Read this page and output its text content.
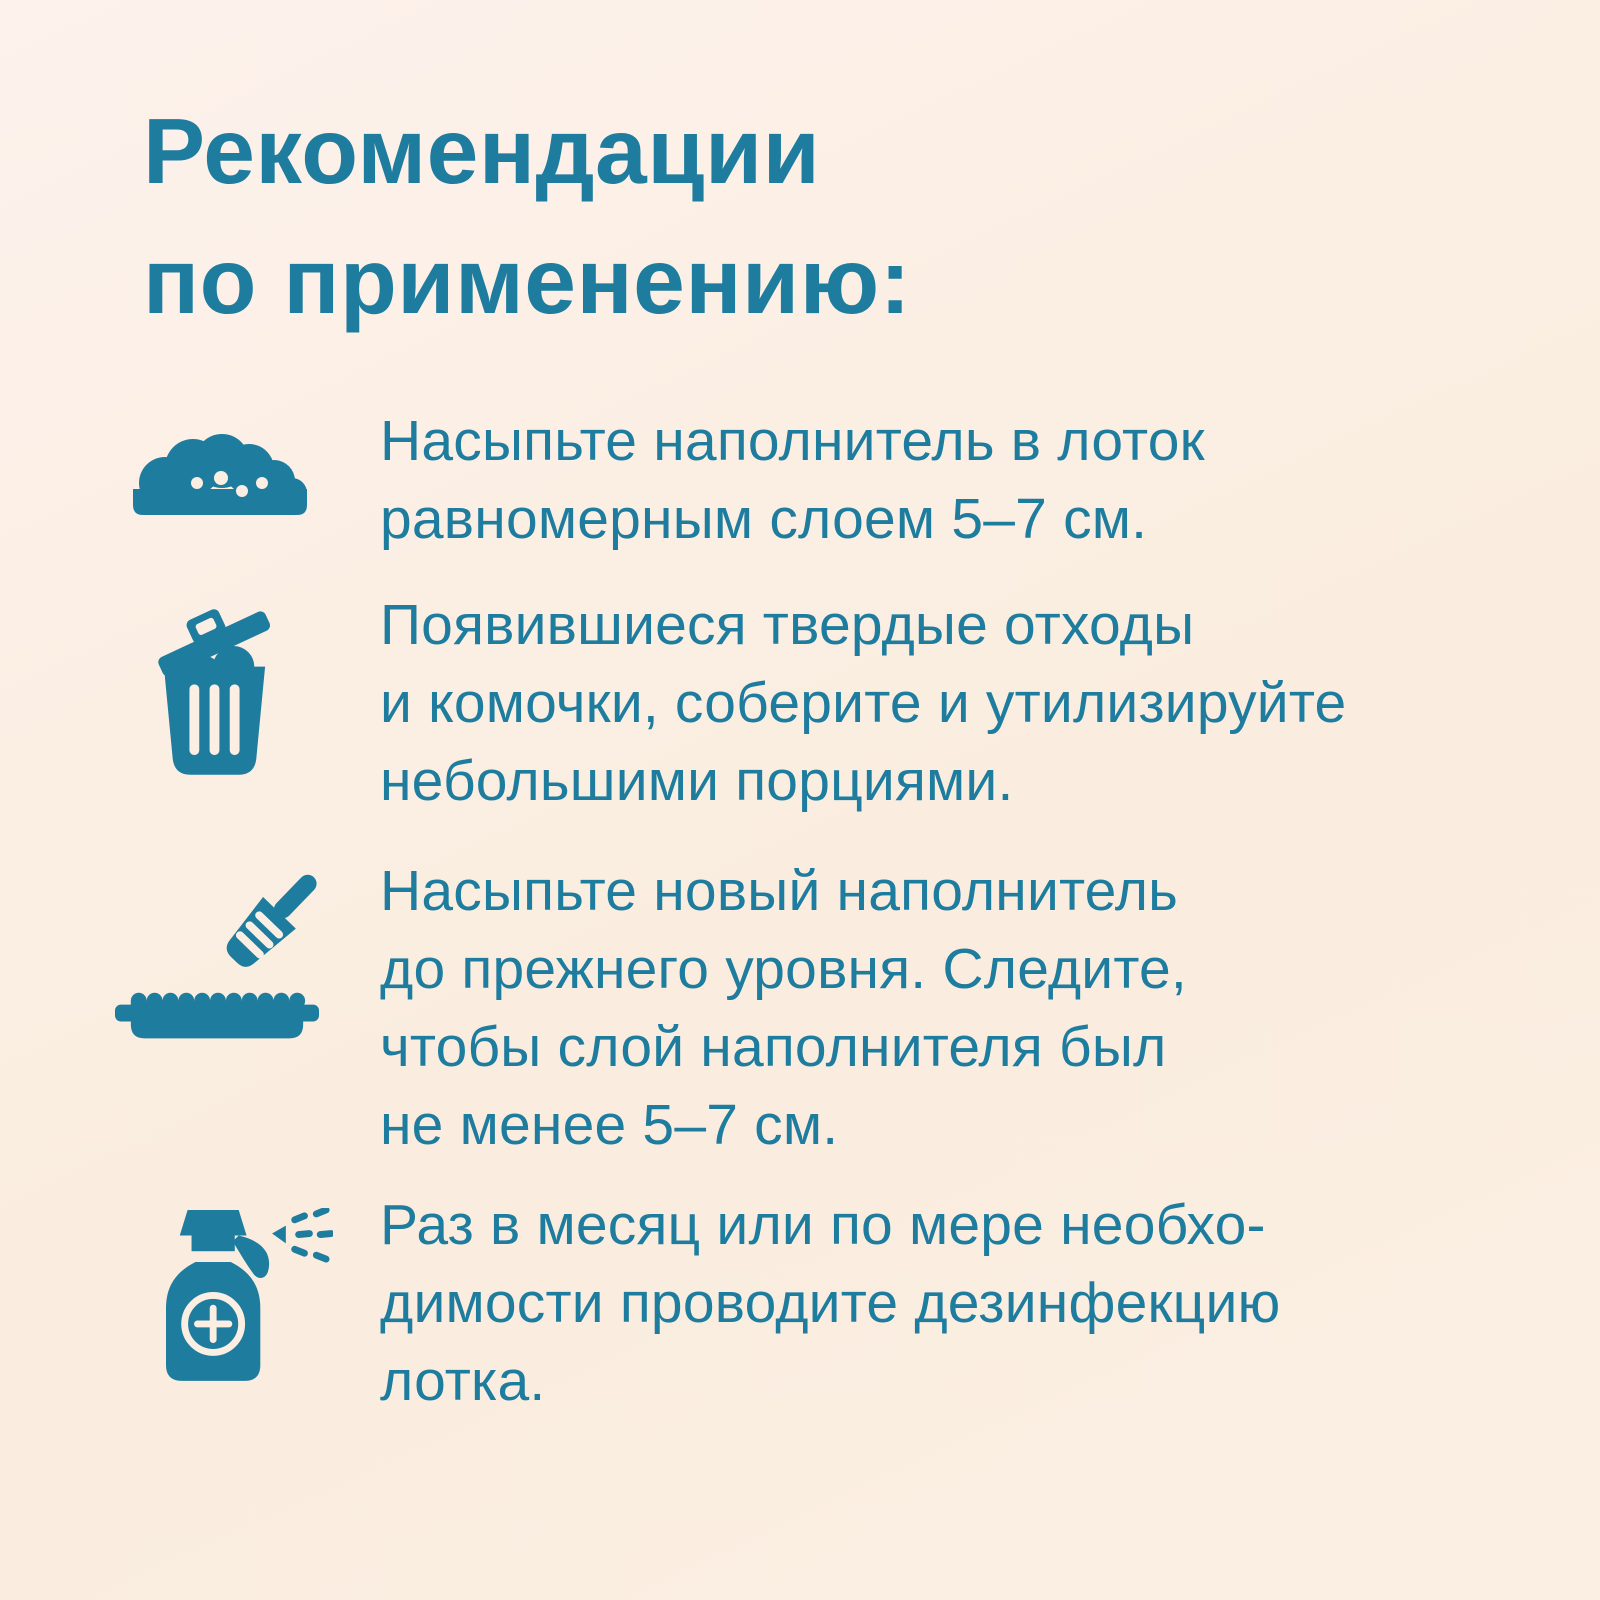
Рекомендации
по применению:
Насыпьте наполнитель в лоток
равномерным слоем 5–7 см.
Появившиеся твердые отходы
и комочки, соберите и утилизируйте
небольшими порциями.
Насыпьте новый наполнитель
до прежнего уровня. Следите,
чтобы слой наполнителя был
не менее 5–7 см.
Раз в месяц или по мере необхо-
димости проводите дезинфекцию
лотка.
